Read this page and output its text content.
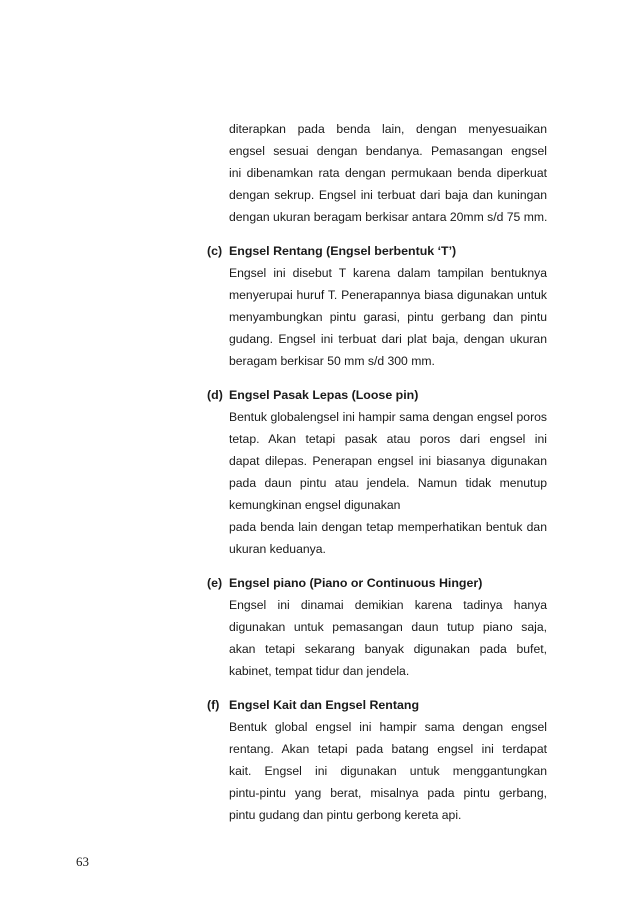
diterapkan pada benda lain, dengan menyesuaikan
engsel sesuai dengan bendanya. Pemasangan engsel
ini dibenamkan rata dengan permukaan benda diperkuat
dengan sekrup. Engsel ini terbuat dari baja dan kuningan
dengan ukuran beragam berkisar antara 20mm s/d 75 mm.
(c) Engsel Rentang (Engsel berbentuk ‘T’)
Engsel ini disebut T karena dalam tampilan bentuknya
menyerupai huruf T. Penerapannya biasa digunakan untuk
menyambungkan pintu garasi, pintu gerbang dan pintu
gudang. Engsel ini terbuat dari plat baja, dengan ukuran
beragam berkisar 50 mm s/d 300 mm.
(d) Engsel Pasak Lepas (Loose pin)
Bentuk globalengsel ini hampir sama dengan engsel poros
tetap. Akan tetapi pasak atau poros dari engsel ini
dapat dilepas. Penerapan engsel ini biasanya digunakan
pada daun pintu atau jendela. Namun tidak menutup
kemungkinan engsel digunakan
pada benda lain dengan tetap memperhatikan bentuk dan
ukuran keduanya.
(e) Engsel piano (Piano or Continuous Hinger)
Engsel ini dinamai demikian karena tadinya hanya
digunakan untuk pemasangan daun tutup piano saja,
akan tetapi sekarang banyak digunakan pada bufet,
kabinet, tempat tidur dan jendela.
(f) Engsel Kait dan Engsel Rentang
Bentuk global engsel ini hampir sama dengan engsel
rentang. Akan tetapi pada batang engsel ini terdapat
kait. Engsel ini digunakan untuk menggantungkan
pintu-pintu yang berat, misalnya pada pintu gerbang,
pintu gudang dan pintu gerbong kereta api.
63
